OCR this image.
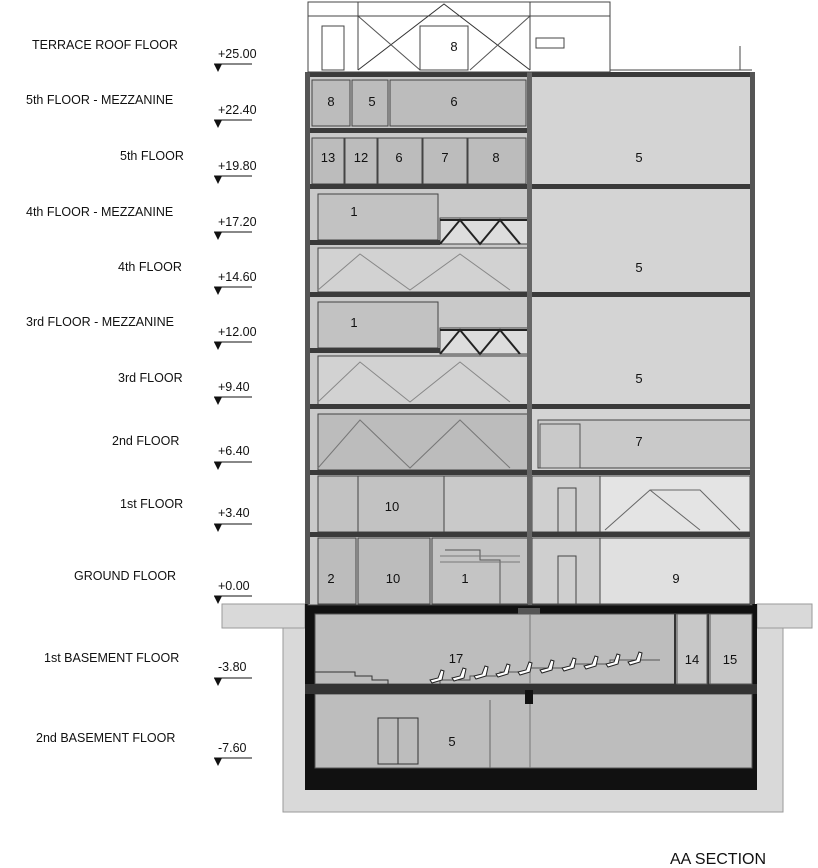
TERRACE ROOF FLOOR
+25.00
5th FLOOR - MEZZANINE
+22.40
5th FLOOR
+19.80
4th FLOOR - MEZZANINE
+17.20
4th FLOOR
+14.60
3rd FLOOR - MEZZANINE
+12.00
3rd FLOOR
+9.40
2nd FLOOR
+6.40
1st FLOOR
+3.40
GROUND FLOOR
+0.00
1st BASEMENT FLOOR
-3.80
2nd BASEMENT FLOOR
-7.60
8
8	5	6
13 12 6	7	8	5
1
5
1
5
7
10
2	10	1	9
17	14 15
5
AA SECTION
